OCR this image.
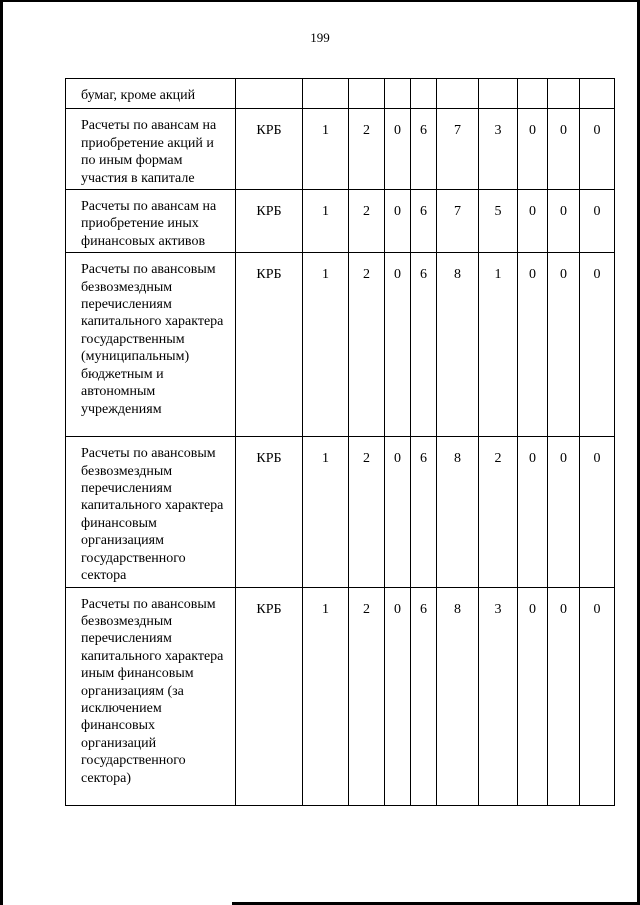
199
бумаг, кроме акций										
Расчеты по авансам на приобретение акций и по иным формам участия в капитале	КРБ	1	2	0	6	7	3	0	0	0
Расчеты по авансам на приобретение иных финансовых активов	КРБ	1	2	0	6	7	5	0	0	0
Расчеты по авансовым безвозмездным перечислениям капитального характера государственным (муниципальным) бюджетным и автономным учреждениям	КРБ	1	2	0	6	8	1	0	0	0
Расчеты по авансовым безвозмездным перечислениям капитального характера финансовым организациям государственного сектора	КРБ	1	2	0	6	8	2	0	0	0
Расчеты по авансовым безвозмездным перечислениям капитального характера иным финансовым организациям (за исключением финансовых организаций государственного сектора)	КРБ	1	2	0	6	8	3	0	0	0
